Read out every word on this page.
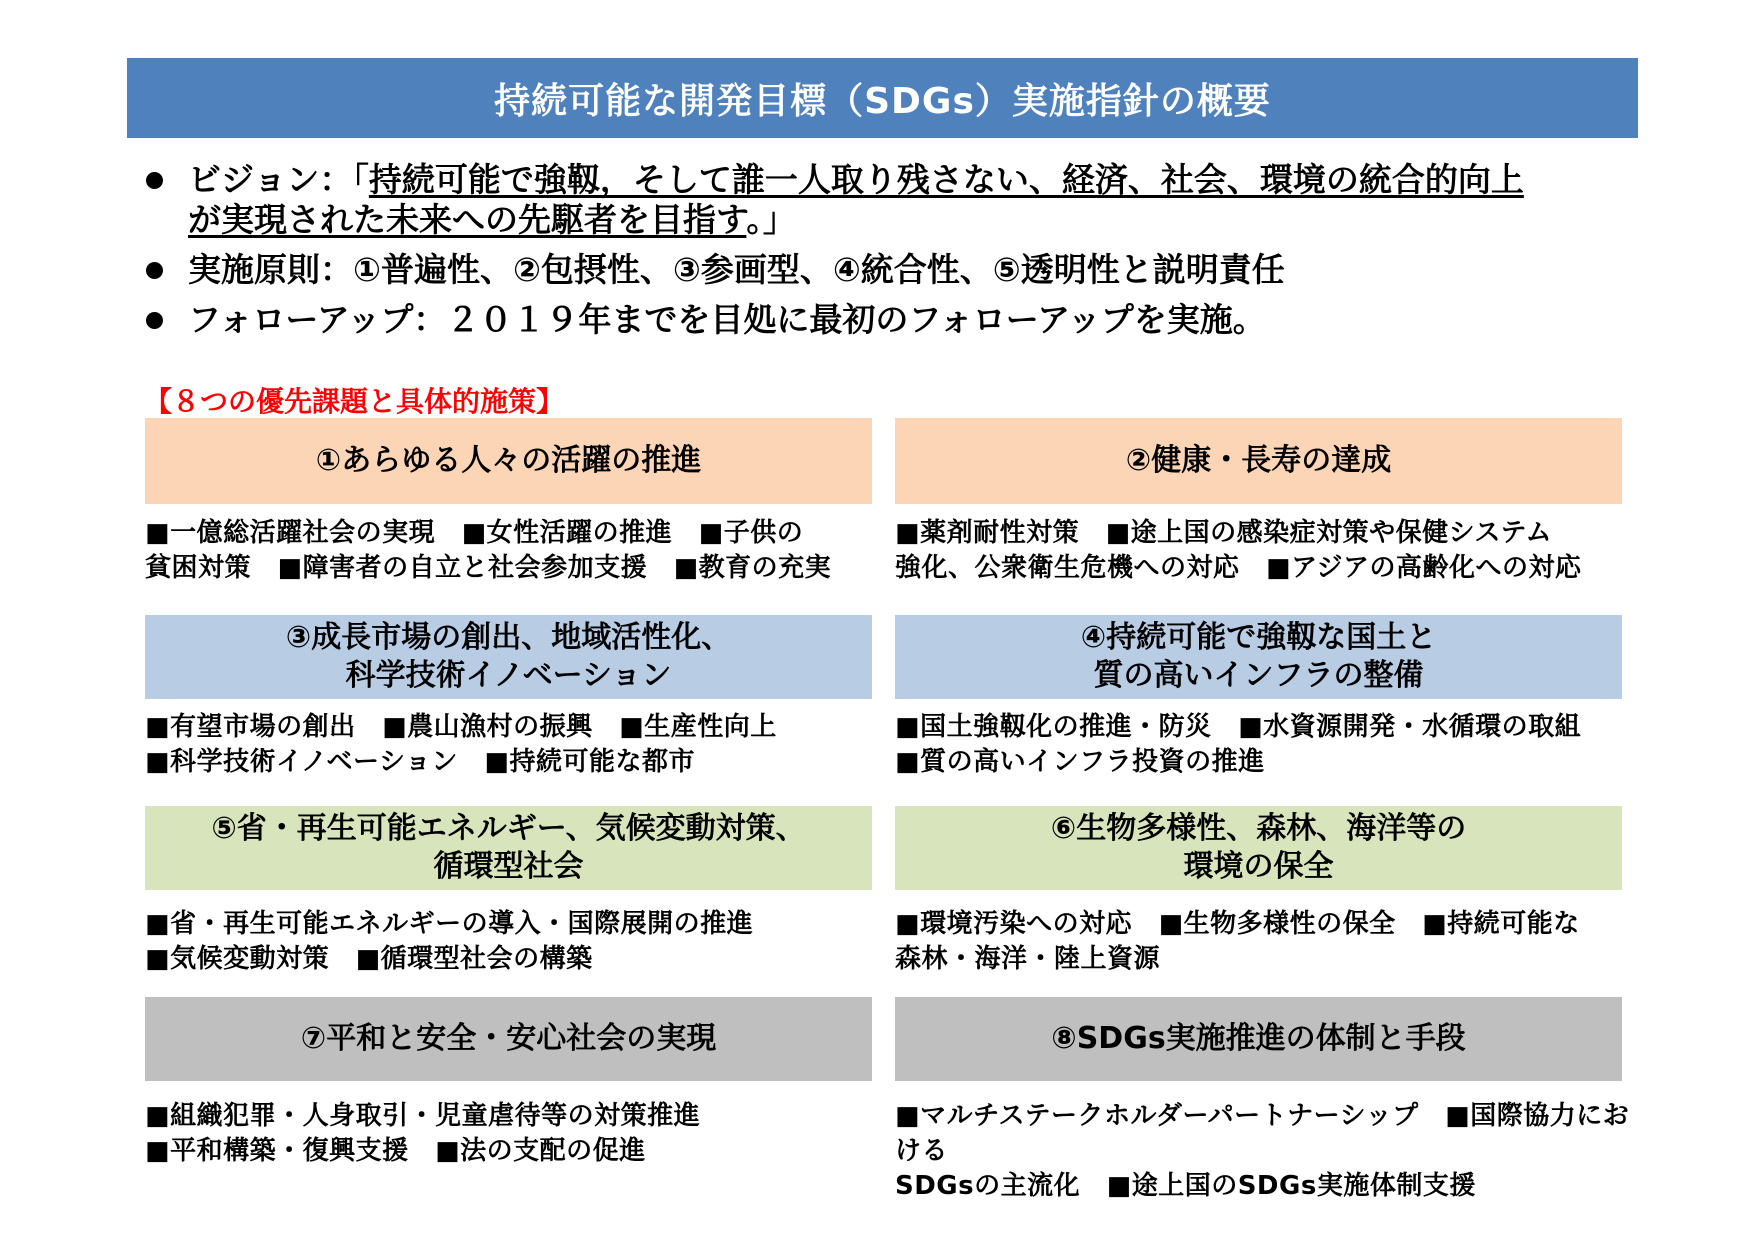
持続可能な開発目標（SDGs）実施指針の概要
ビジョン：「持続可能で強靱，そして誰一人取り残さない、経済、社会、環境の統合的向上
が実現された未来への先駆者を目指す。」
実施原則：①普遍性、②包摂性、③参画型、④統合性、⑤透明性と説明責任
フォローアップ：２０１９年までを目処に最初のフォローアップを実施。
【８つの優先課題と具体的施策】
①あらゆる人々の活躍の推進
■一億総活躍社会の実現　■女性活躍の推進　■子供の
貧困対策　■障害者の自立と社会参加支援　■教育の充実
②健康・長寿の達成
■薬剤耐性対策　■途上国の感染症対策や保健システム
強化、公衆衛生危機への対応　■アジアの高齢化への対応
③成長市場の創出、地域活性化、
科学技術イノベーション
■有望市場の創出　■農山漁村の振興　■生産性向上
■科学技術イノベーション　■持続可能な都市
④持続可能で強靱な国土と
質の高いインフラの整備
■国土強靱化の推進・防災　■水資源開発・水循環の取組
■質の高いインフラ投資の推進
⑤省・再生可能エネルギー、気候変動対策、
循環型社会
■省・再生可能エネルギーの導入・国際展開の推進
■気候変動対策　■循環型社会の構築
⑥生物多様性、森林、海洋等の
環境の保全
■環境汚染への対応　■生物多様性の保全　■持続可能な
森林・海洋・陸上資源
⑦平和と安全・安心社会の実現
■組織犯罪・人身取引・児童虐待等の対策推進
■平和構築・復興支援　■法の支配の促進
⑧SDGs実施推進の体制と手段
■マルチステークホルダーパートナーシップ　■国際協力における
SDGsの主流化　■途上国のSDGs実施体制支援
